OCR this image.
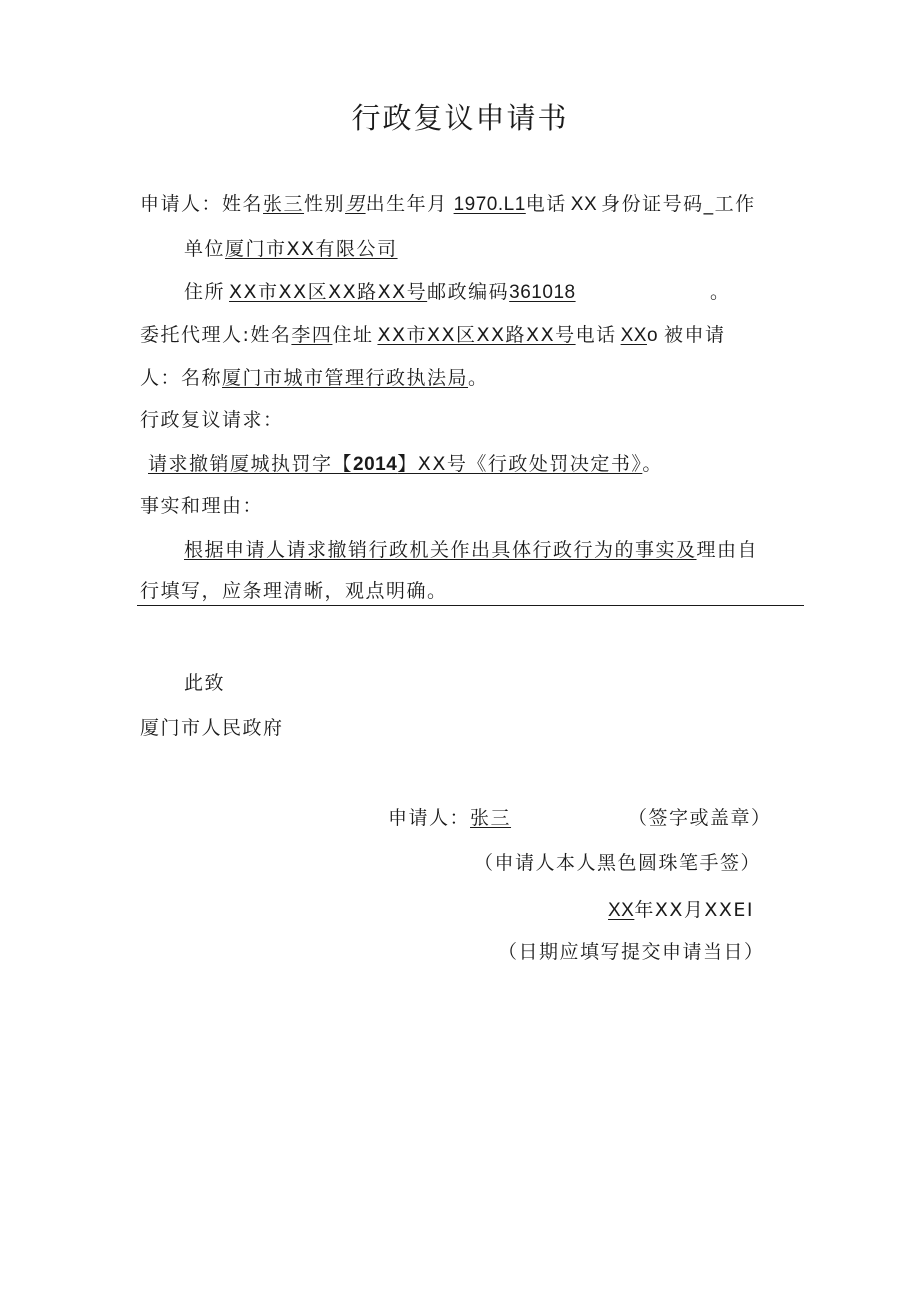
行政复议申请书
申请人：姓名张三性别男出生年月 1970.L1电话 XX 身份证号码_工作
单位厦门市XX有限公司
住所 XX市XX区XX路XX号邮政编码361018	。
委托代理人:姓名李四住址 XX市XX区XX路XX号电话 XXo 被申请
人：名称厦门市城市管理行政执法局。
行政复议请求：
请求撤销厦城执罚字【2014】XX号《行政处罚决定书》。
事实和理由：
根据申请人请求撤销行政机关作出具体行政行为的事实及理由自
行填写，应条理清晰，观点明确。
此致
厦门市人民政府
申请人：张三	（签字或盖章）
（申请人本人黑色圆珠笔手签）
XX年XX月XXEI
（日期应填写提交申请当日）
